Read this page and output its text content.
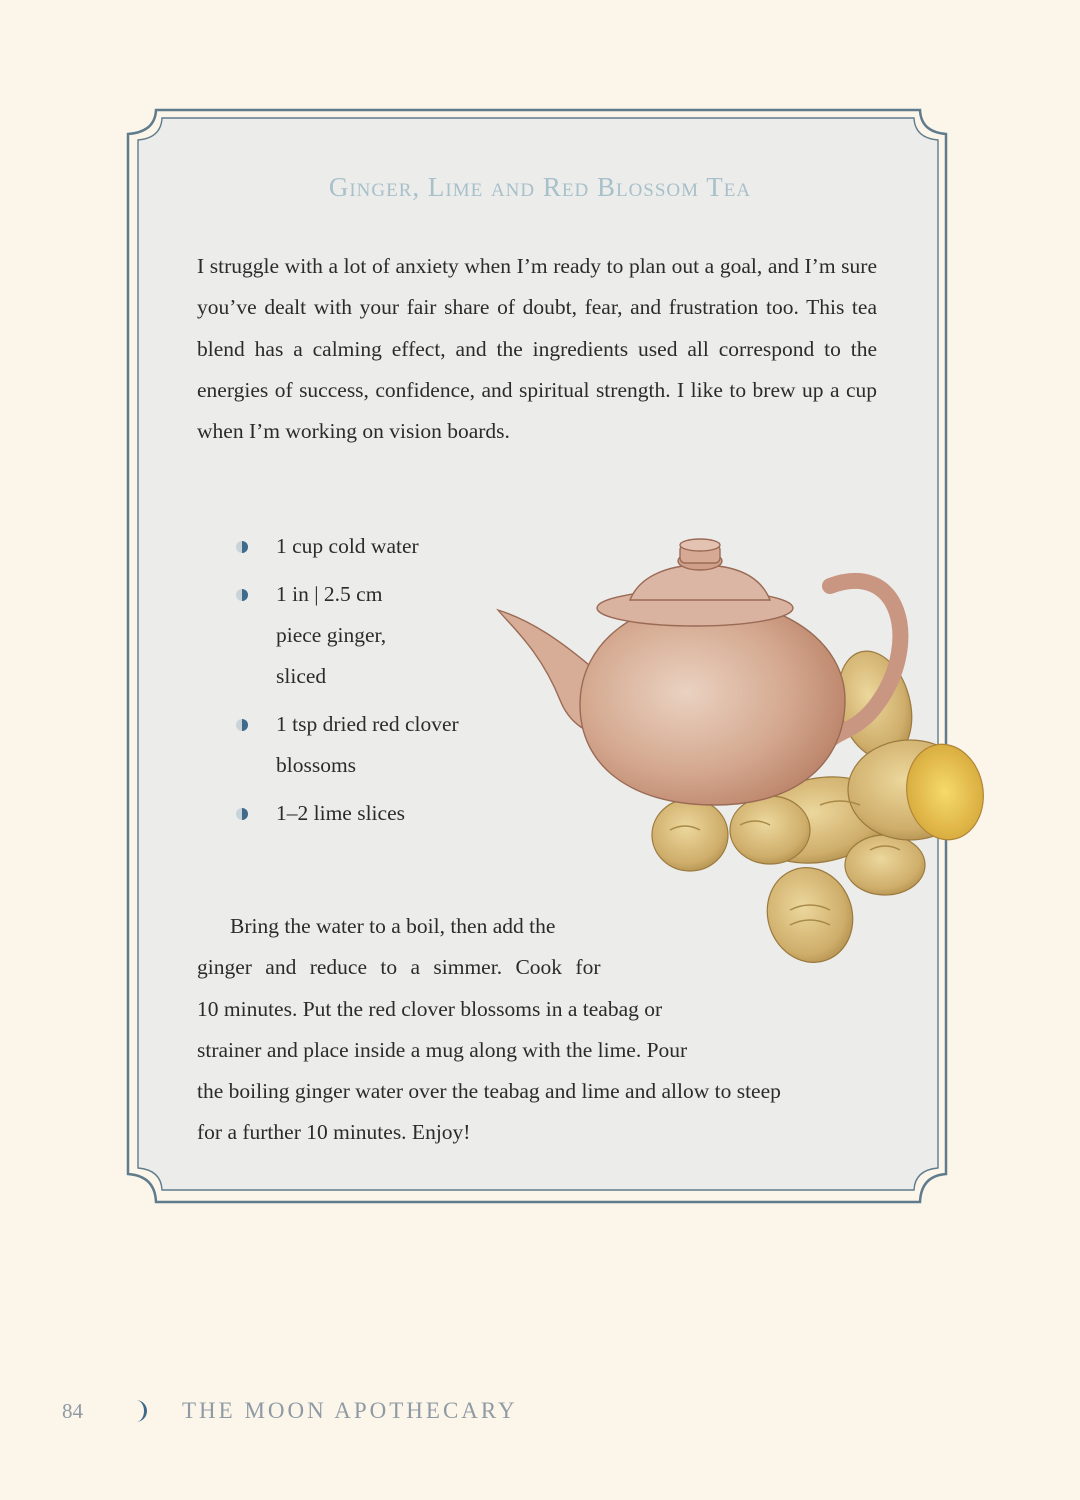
Ginger, Lime and Red Blossom Tea

I struggle with a lot of anxiety when I’m ready to plan out a goal, and I’m sure you’ve dealt with your fair share of doubt, fear, and frustration too. This tea blend has a calming effect, and the ingredients used all correspond to the energies of success, confidence, and spiritual strength. I like to brew up a cup when I’m working on vision boards.

1 cup cold water
1 in | 2.5 cm
piece ginger,
sliced
1 tsp dried red clover
blossoms
1–2 lime slices

Bring the water to a boil, then add the

ginger and reduce to a simmer. Cook for

10 minutes. Put the red clover blossoms in a teabag or

strainer and place inside a mug along with the lime. Pour

the boiling ginger water over the teabag and lime and allow to steep

for a further 10 minutes. Enjoy!

84	THE MOON APOTHECARY
